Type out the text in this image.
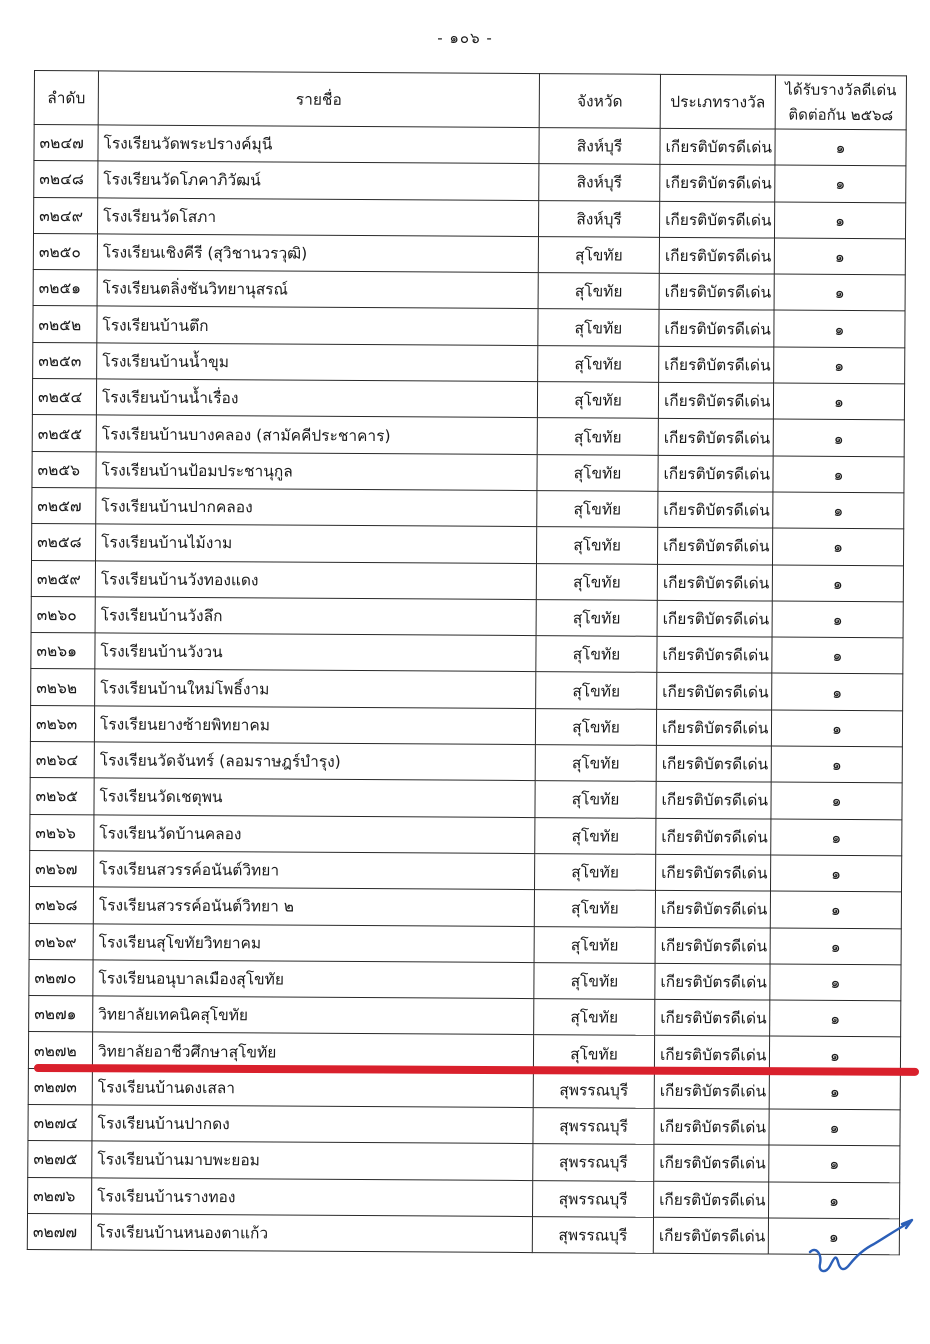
- ๑๐๖ -
ลำดับ	รายชื่อ	จังหวัด	ประเภทรางวัล	ได้รับรางวัลดีเด่น
ติดต่อกัน ๒๕๖๘

๓๒๔๗	โรงเรียนวัดพระปรางค์มุนี	สิงห์บุรี	เกียรติบัตรดีเด่น	๑
๓๒๔๘	โรงเรียนวัดโภคาภิวัฒน์	สิงห์บุรี	เกียรติบัตรดีเด่น	๑
๓๒๔๙	โรงเรียนวัดโสภา	สิงห์บุรี	เกียรติบัตรดีเด่น	๑
๓๒๕๐	โรงเรียนเชิงคีรี (สุวิชานวรวุฒิ)	สุโขทัย	เกียรติบัตรดีเด่น	๑
๓๒๕๑	โรงเรียนตลิ่งชันวิทยานุสรณ์	สุโขทัย	เกียรติบัตรดีเด่น	๑
๓๒๕๒	โรงเรียนบ้านตึก	สุโขทัย	เกียรติบัตรดีเด่น	๑
๓๒๕๓	โรงเรียนบ้านน้ำขุม	สุโขทัย	เกียรติบัตรดีเด่น	๑
๓๒๕๔	โรงเรียนบ้านน้ำเรื่อง	สุโขทัย	เกียรติบัตรดีเด่น	๑
๓๒๕๕	โรงเรียนบ้านบางคลอง (สามัคคีประชาคาร)	สุโขทัย	เกียรติบัตรดีเด่น	๑
๓๒๕๖	โรงเรียนบ้านป้อมประชานุกูล	สุโขทัย	เกียรติบัตรดีเด่น	๑
๓๒๕๗	โรงเรียนบ้านปากคลอง	สุโขทัย	เกียรติบัตรดีเด่น	๑
๓๒๕๘	โรงเรียนบ้านไม้งาม	สุโขทัย	เกียรติบัตรดีเด่น	๑
๓๒๕๙	โรงเรียนบ้านวังทองแดง	สุโขทัย	เกียรติบัตรดีเด่น	๑
๓๒๖๐	โรงเรียนบ้านวังลึก	สุโขทัย	เกียรติบัตรดีเด่น	๑
๓๒๖๑	โรงเรียนบ้านวังวน	สุโขทัย	เกียรติบัตรดีเด่น	๑
๓๒๖๒	โรงเรียนบ้านใหม่โพธิ์งาม	สุโขทัย	เกียรติบัตรดีเด่น	๑
๓๒๖๓	โรงเรียนยางซ้ายพิทยาคม	สุโขทัย	เกียรติบัตรดีเด่น	๑
๓๒๖๔	โรงเรียนวัดจันทร์ (ลอมราษฎร์บำรุง)	สุโขทัย	เกียรติบัตรดีเด่น	๑
๓๒๖๕	โรงเรียนวัดเชตุพน	สุโขทัย	เกียรติบัตรดีเด่น	๑
๓๒๖๖	โรงเรียนวัดบ้านคลอง	สุโขทัย	เกียรติบัตรดีเด่น	๑
๓๒๖๗	โรงเรียนสวรรค์อนันต์วิทยา	สุโขทัย	เกียรติบัตรดีเด่น	๑
๓๒๖๘	โรงเรียนสวรรค์อนันต์วิทยา ๒	สุโขทัย	เกียรติบัตรดีเด่น	๑
๓๒๖๙	โรงเรียนสุโขทัยวิทยาคม	สุโขทัย	เกียรติบัตรดีเด่น	๑
๓๒๗๐	โรงเรียนอนุบาลเมืองสุโขทัย	สุโขทัย	เกียรติบัตรดีเด่น	๑
๓๒๗๑	วิทยาลัยเทคนิคสุโขทัย	สุโขทัย	เกียรติบัตรดีเด่น	๑
๓๒๗๒	วิทยาลัยอาชีวศึกษาสุโขทัย	สุโขทัย	เกียรติบัตรดีเด่น	๑
๓๒๗๓	โรงเรียนบ้านดงเสลา	สุพรรณบุรี	เกียรติบัตรดีเด่น	๑
๓๒๗๔	โรงเรียนบ้านปากดง	สุพรรณบุรี	เกียรติบัตรดีเด่น	๑
๓๒๗๕	โรงเรียนบ้านมาบพะยอม	สุพรรณบุรี	เกียรติบัตรดีเด่น	๑
๓๒๗๖	โรงเรียนบ้านรางทอง	สุพรรณบุรี	เกียรติบัตรดีเด่น	๑
๓๒๗๗	โรงเรียนบ้านหนองตาแก้ว	สุพรรณบุรี	เกียรติบัตรดีเด่น	๑
